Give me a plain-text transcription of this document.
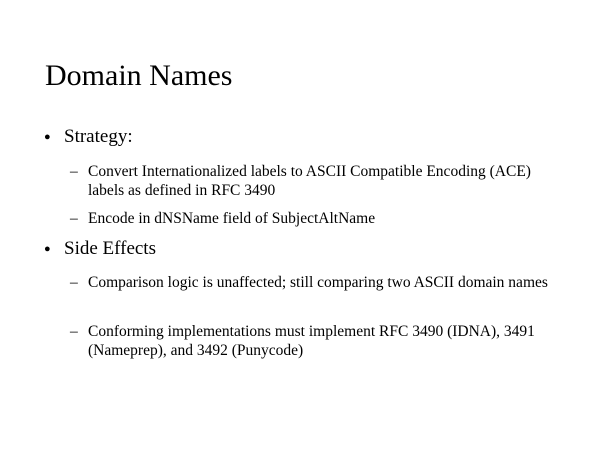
Domain Names
● Strategy:
– Convert Internationalized labels to ASCII Compatible Encoding (ACE) labels as defined in RFC 3490
– Encode in dNSName field of SubjectAltName
● Side Effects
– Comparison logic is unaffected; still comparing two ASCII domain names
– Conforming implementations must implement RFC 3490 (IDNA), 3491 (Nameprep), and 3492 (Punycode)
